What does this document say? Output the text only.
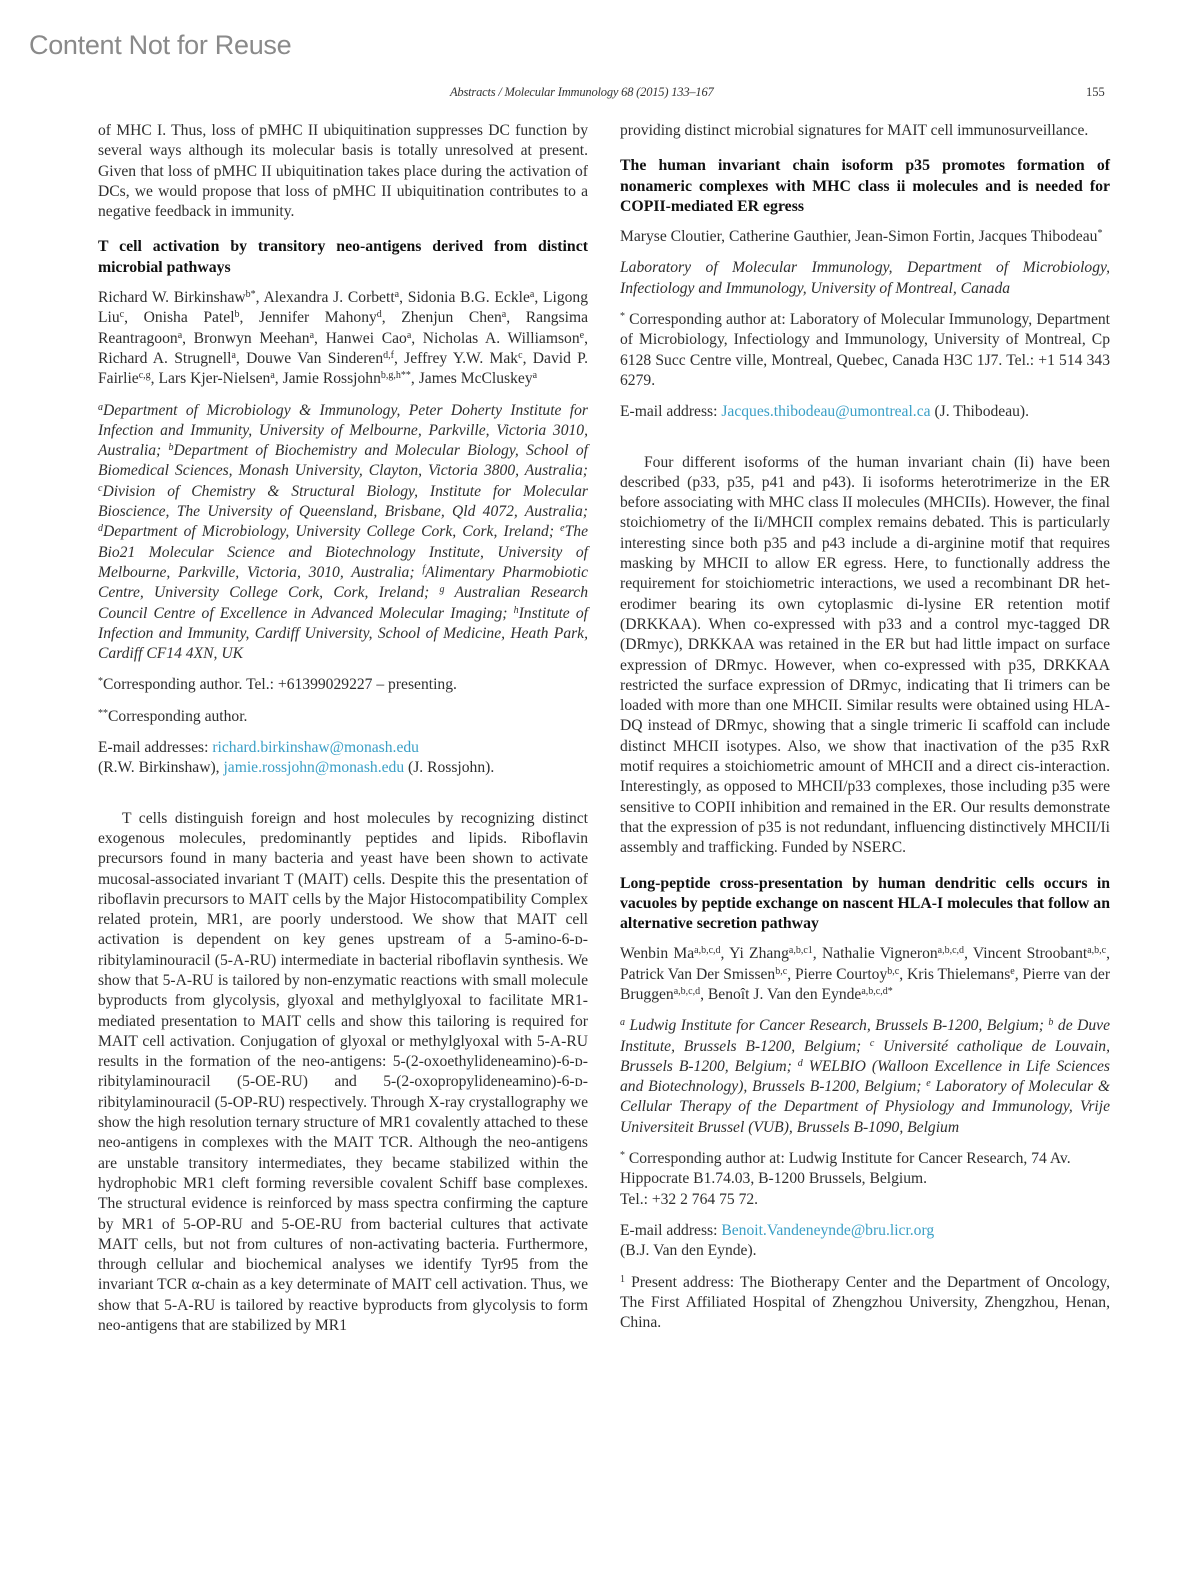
Content Not for Reuse
Abstracts / Molecular Immunology 68 (2015) 133–167	155

of MHC I. Thus, loss of pMHC II ubiquitination suppresses DC function by several ways although its molecular basis is totally unresolved at present. Given that loss of pMHC II ubiquitination takes place during the activation of DCs, we would propose that loss of pMHC II ubiquitination contributes to a negative feedback in immunity.

T cell activation by transitory neo-antigens derived from distinct microbial pathways

Richard W. Birkinshaw$^{b*}$, Alexandra J. Corbett$^a$, Sidonia B.G. Eckle$^a$, Ligong Liu$^c$, Onisha Patel$^b$, Jennifer Mahony$^d$, Zhenjun Chen$^a$, Rangsima Reantragoon$^a$, Bronwyn Meehan$^a$, Hanwei Cao$^a$, Nicholas A. Williamson$^e$, Richard A. Strugnell$^a$, Douwe Van Sinderen$^{d,f}$, Jeffrey Y.W. Mak$^c$, David P. Fairlie$^{c,g}$, Lars Kjer-Nielsen$^a$, Jamie Rossjohn$^{b,g,h**}$, James McCluskey$^a$

$^a$Department of Microbiology & Immunology, Peter Doherty Institute for Infection and Immunity, University of Melbourne, Parkville, Victoria 3010, Australia; $^b$Department of Biochemistry and Molecular Biology, School of Biomedical Sciences, Monash University, Clayton, Victoria 3800, Australia; $^c$Division of Chemistry & Structural Biology, Institute for Molecular Bioscience, The University of Queensland, Brisbane, Qld 4072, Australia; $^d$Department of Microbiology, University College Cork, Cork, Ireland; $^e$The Bio21 Molecular Science and Biotechnology Institute, University of Melbourne, Parkville, Victoria, 3010, Australia; $^f$Alimentary Pharmobiotic Centre, University College Cork, Cork, Ireland; $^g$ Australian Research Council Centre of Excellence in Advanced Molecular Imaging; $^h$Institute of Infection and Immunity, Cardiff University, School of Medicine, Heath Park, Cardiff CF14 4XN, UK

*Corresponding author. Tel.: +61399029227 – presenting.

**Corresponding author.

E-mail addresses: richard.birkinshaw@monash.edu
(R.W. Birkinshaw), jamie.rossjohn@monash.edu (J. Rossjohn).

T cells distinguish foreign and host molecules by recognizing distinct exogenous molecules, predominantly peptides and lipids. Riboflavin precursors found in many bacteria and yeast have been shown to activate mucosal-associated invariant T (MAIT) cells. Despite this the presentation of riboflavin precursors to MAIT cells by the Major Histocompatibility Complex related protein, MR1, are poorly understood. We show that MAIT cell activation is dependent on key genes upstream of a 5-amino-6-ᴅ-ribitylaminouracil (5-A-RU) intermediate in bacterial riboflavin synthesis. We show that 5-A-RU is tailored by non-enzymatic reactions with small molecule byproducts from glycolysis, glyoxal and methylglyoxal to facilitate MR1-mediated presentation to MAIT cells and show this tailoring is required for MAIT cell activation. Conjugation of glyoxal or methylglyoxal with 5-A-RU results in the formation of the neo-antigens: 5-(2-oxoethylideneamino)-6-ᴅ-ribitylaminouracil (5-OE-RU) and 5-(2-oxopropylideneamino)-6-ᴅ-ribitylaminouracil (5-OP-RU) respectively. Through X-ray crystallography we show the high resolution ternary structure of MR1 covalently attached to these neo-antigens in complexes with the MAIT TCR. Although the neo-antigens are unstable transitory intermediates, they became stabilized within the hydrophobic MR1 cleft forming reversible covalent Schiff base complexes. The structural evidence is reinforced by mass spectra confirming the capture by MR1 of 5-OP-RU and 5-OE-RU from bacterial cultures that activate MAIT cells, but not from cultures of non-activating bacteria. Furthermore, through cellular and biochemical analyses we identify Tyr95 from the invariant TCR α-chain as a key determinate of MAIT cell activation. Thus, we show that 5-A-RU is tailored by reactive byproducts from glycolysis to form neo-antigens that are stabilized by MR1

providing distinct microbial signatures for MAIT cell immunosurveillance.

The human invariant chain isoform p35 promotes formation of nonameric complexes with MHC class ii molecules and is needed for COPII-mediated ER egress

Maryse Cloutier, Catherine Gauthier, Jean-Simon Fortin, Jacques Thibodeau*

Laboratory of Molecular Immunology, Department of Microbiology, Infectiology and Immunology, University of Montreal, Canada

* Corresponding author at: Laboratory of Molecular Immunology, Department of Microbiology, Infectiology and Immunology, University of Montreal, Cp 6128 Succ Centre ville, Montreal, Quebec, Canada H3C 1J7. Tel.: +1 514 343 6279.

E-mail address: Jacques.thibodeau@umontreal.ca (J. Thibodeau).

Four different isoforms of the human invariant chain (Ii) have been described (p33, p35, p41 and p43). Ii isoforms heterotrimerize in the ER before associating with MHC class II molecules (MHCIIs). However, the final stoichiometry of the Ii/MHCII complex remains debated. This is particularly interesting since both p35 and p43 include a di-arginine motif that requires masking by MHCII to allow ER egress. Here, to functionally address the requirement for stoichiometric interactions, we used a recombinant DR heterodimer bearing its own cytoplasmic di-lysine ER retention motif (DRKKAA). When co-expressed with p33 and a control myc-tagged DR (DRmyc), DRKKAA was retained in the ER but had little impact on surface expression of DRmyc. However, when co-expressed with p35, DRKKAA restricted the surface expression of DRmyc, indicating that Ii trimers can be loaded with more than one MHCII. Similar results were obtained using HLA-DQ instead of DRmyc, showing that a single trimeric Ii scaffold can include distinct MHCII isotypes. Also, we show that inactivation of the p35 RxR motif requires a stoichiometric amount of MHCII and a direct cis-interaction. Interestingly, as opposed to MHCII/p33 complexes, those including p35 were sensitive to COPII inhibition and remained in the ER. Our results demonstrate that the expression of p35 is not redundant, influencing distinctively MHCII/Ii assembly and trafficking. Funded by NSERC.

Long-peptide cross-presentation by human dendritic cells occurs in vacuoles by peptide exchange on nascent HLA-I molecules that follow an alternative secretion pathway

Wenbin Ma$^{a,b,c,d}$, Yi Zhang$^{a,b,c1}$, Nathalie Vigneron$^{a,b,c,d}$, Vincent Stroobant$^{a,b,c}$, Patrick Van Der Smissen$^{b,c}$, Pierre Courtoy$^{b,c}$, Kris Thielemans$^e$, Pierre van der Bruggen$^{a,b,c,d}$, Benoît J. Van den Eynde$^{a,b,c,d*}$

$^a$ Ludwig Institute for Cancer Research, Brussels B-1200, Belgium; $^b$ de Duve Institute, Brussels B-1200, Belgium; $^c$ Université catholique de Louvain, Brussels B-1200, Belgium; $^d$ WELBIO (Walloon Excellence in Life Sciences and Biotechnology), Brussels B-1200, Belgium; $^e$ Laboratory of Molecular & Cellular Therapy of the Department of Physiology and Immunology, Vrije Universiteit Brussel (VUB), Brussels B-1090, Belgium

* Corresponding author at: Ludwig Institute for Cancer Research, 74 Av. Hippocrate B1.74.03, B-1200 Brussels, Belgium.
Tel.: +32 2 764 75 72.

E-mail address: Benoit.Vandeneynde@bru.licr.org
(B.J. Van den Eynde).

$^1$ Present address: The Biotherapy Center and the Department of Oncology, The First Affiliated Hospital of Zhengzhou University, Zhengzhou, Henan, China.
